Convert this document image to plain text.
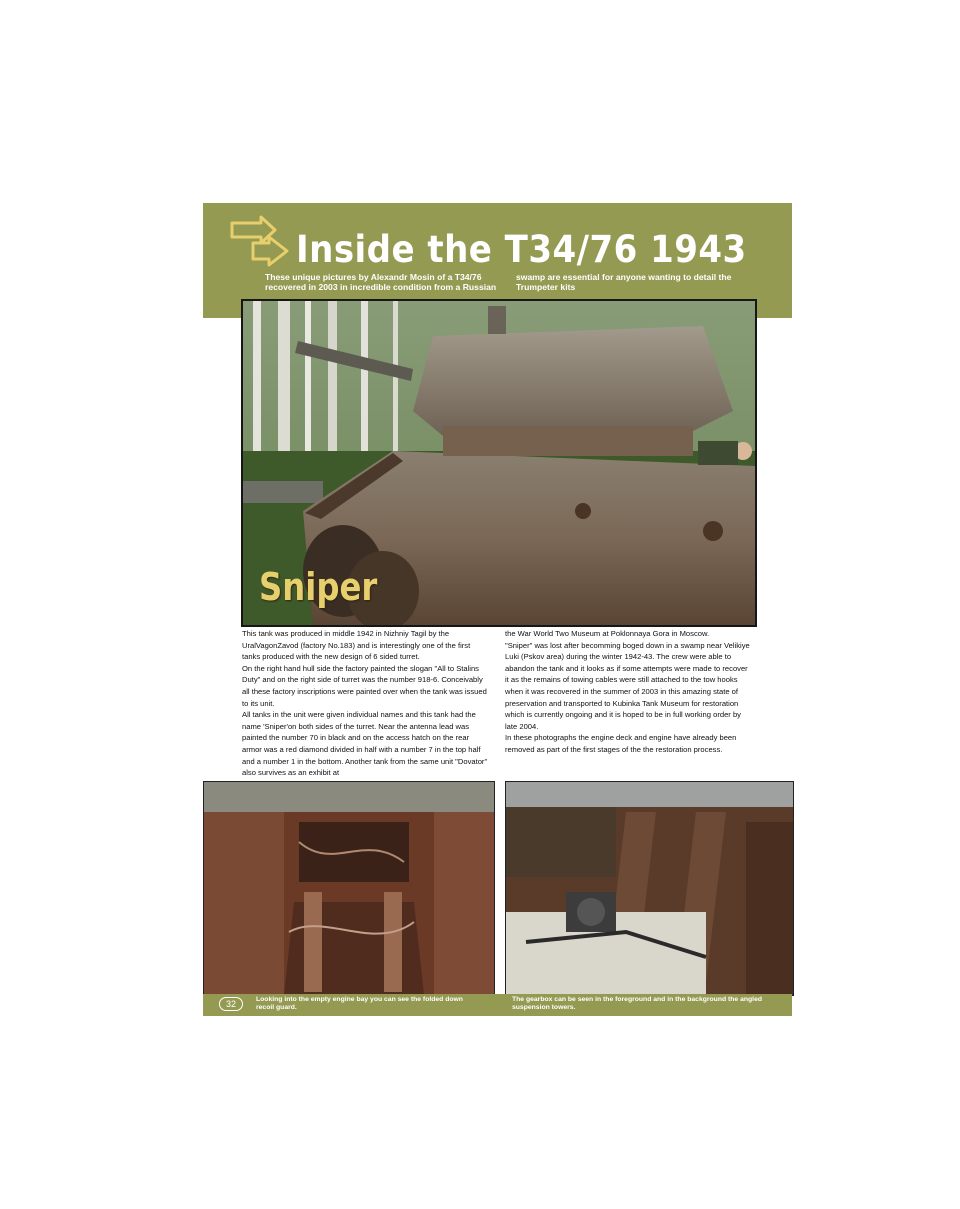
Inside the T34/76 1943

These unique pictures by Alexandr Mosin of a T34/76 recovered in 2003 in incredible condition from a Russian

swamp are essential for anyone wanting to detail the Trumpeter kits

Sniper

This tank was produced in middle 1942 in Nizhniy Tagil by the UralVagonZavod (factory No.183) and is interestingly one of the first tanks produced with the new design of 6 sided turret.

On the right hand hull side the factory painted the slogan "All to Stalins Duty" and on the right side of turret was the number 918-6. Conceivably all these factory inscriptions were painted over when the tank was issued to its unit.

All tanks in the unit were given individual names and this tank had the name 'Sniper'on both sides of the turret. Near the antenna lead was painted the number 70 in black and on the access hatch on the rear armor was a red diamond divided in half with a number 7 in the top half and a number 1 in the bottom. Another tank from the same unit "Dovator" also survives as an exhibit at

the War World Two Museum at Poklonnaya Gora in Moscow.

"Sniper" was lost after becomming boged down in a swamp near Velikiye Luki (Pskov area) during the winter 1942-43. The crew were able to abandon the tank and it looks as if some attempts were made to recover it as the remains of towing cables were still attached to the tow hooks when it was recovered in the summer of 2003 in this amazing state of preservation and transported to Kubinka Tank Museum for restoration which is currently ongoing and it is hoped to be in full working order by late 2004.

In these photographs the engine deck and engine have already been removed as part of the first stages of the the restoration process.

32	Looking into the empty engine bay you can see the folded down recoil guard.

The gearbox can be seen in the foreground and in the background the angled suspension towers.
